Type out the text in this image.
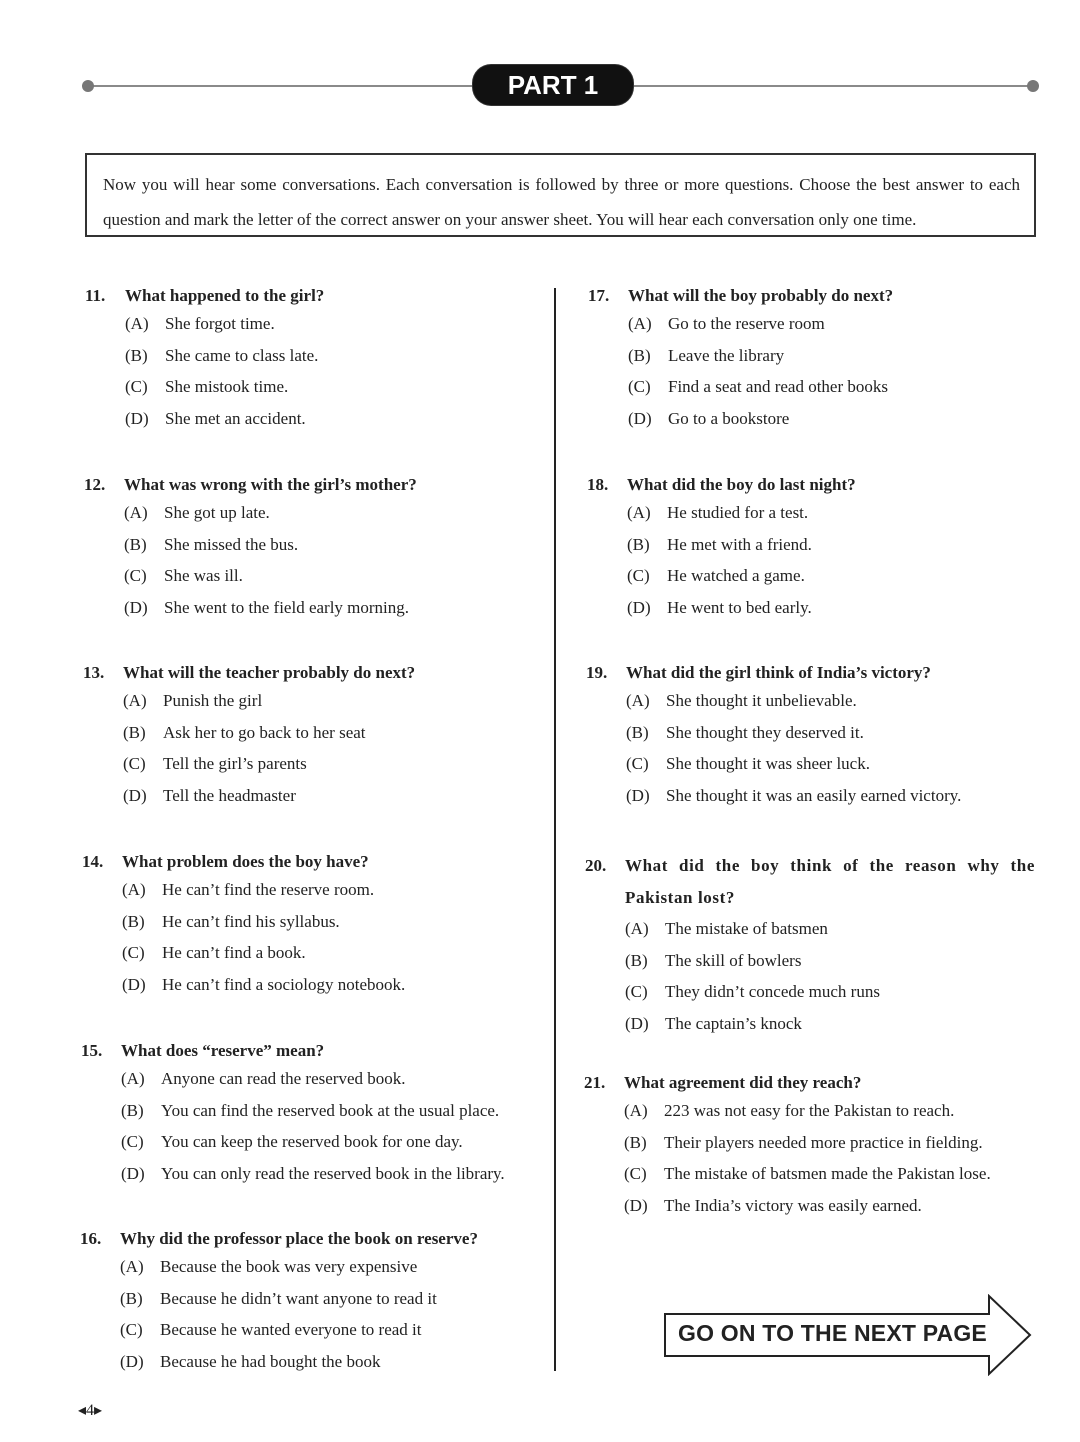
PART 1
Now you will hear some conversations. Each conversation is followed by three or more questions. Choose the best answer to each question and mark the letter of the correct answer on your answer sheet. You will hear each conversation only one time.
11. What happened to the girl?
(A) She forgot time.
(B) She came to class late.
(C) She mistook time.
(D) She met an accident.
12. What was wrong with the girl’s mother?
(A) She got up late.
(B) She missed the bus.
(C) She was ill.
(D) She went to the field early morning.
13. What will the teacher probably do next?
(A) Punish the girl
(B) Ask her to go back to her seat
(C) Tell the girl’s parents
(D) Tell the headmaster
14. What problem does the boy have?
(A) He can’t find the reserve room.
(B) He can’t find his syllabus.
(C) He can’t find a book.
(D) He can’t find a sociology notebook.
15. What does “reserve” mean?
(A) Anyone can read the reserved book.
(B) You can find the reserved book at the usual place.
(C) You can keep the reserved book for one day.
(D) You can only read the reserved book in the library.
16. Why did the professor place the book on reserve?
(A) Because the book was very expensive
(B) Because he didn’t want anyone to read it
(C) Because he wanted everyone to read it
(D) Because he had bought the book
17. What will the boy probably do next?
(A) Go to the reserve room
(B) Leave the library
(C) Find a seat and read other books
(D) Go to a bookstore
18. What did the boy do last night?
(A) He studied for a test.
(B) He met with a friend.
(C) He watched a game.
(D) He went to bed early.
19. What did the girl think of India’s victory?
(A) She thought it unbelievable.
(B) She thought they deserved it.
(C) She thought it was sheer luck.
(D) She thought it was an easily earned victory.
20.	What did the boy think of the reason why the Pakistan lost?
(A) The mistake of batsmen
(B) The skill of bowlers
(C) They didn’t concede much runs
(D) The captain’s knock
21. What agreement did they reach?
(A) 223 was not easy for the Pakistan to reach.
(B) Their players needed more practice in fielding.
(C) The mistake of batsmen made the Pakistan lose.
(D) The India’s victory was easily earned.
GO ON TO THE NEXT PAGE
◂4▸
